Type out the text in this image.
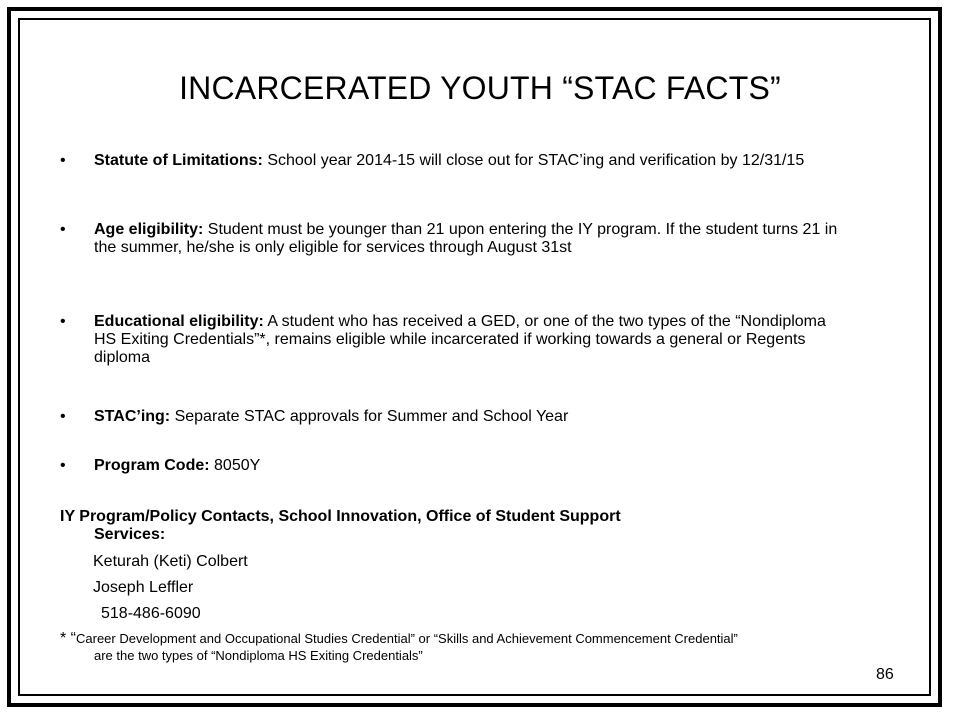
INCARCERATED YOUTH “STAC FACTS”
• Statute of Limitations: School year 2014-15 will close out for STAC’ing and verification by 12/31/15
• Age eligibility: Student must be younger than 21 upon entering the IY program. If the student turns 21 in the summer, he/she is only eligible for services through August 31st
• Educational eligibility: A student who has received a GED, or one of the two types of the “Nondiploma HS Exiting Credentials”*, remains eligible while incarcerated if working towards a general or Regents diploma
• STAC’ing: Separate STAC approvals for Summer and School Year
• Program Code: 8050Y
IY Program/Policy Contacts, School Innovation, Office of Student Support
Services:
Keturah (Keti) Colbert
Joseph Leffler
518-486-6090
* “Career Development and Occupational Studies Credential” or “Skills and Achievement Commencement Credential”
are the two types of “Nondiploma HS Exiting Credentials”
86
